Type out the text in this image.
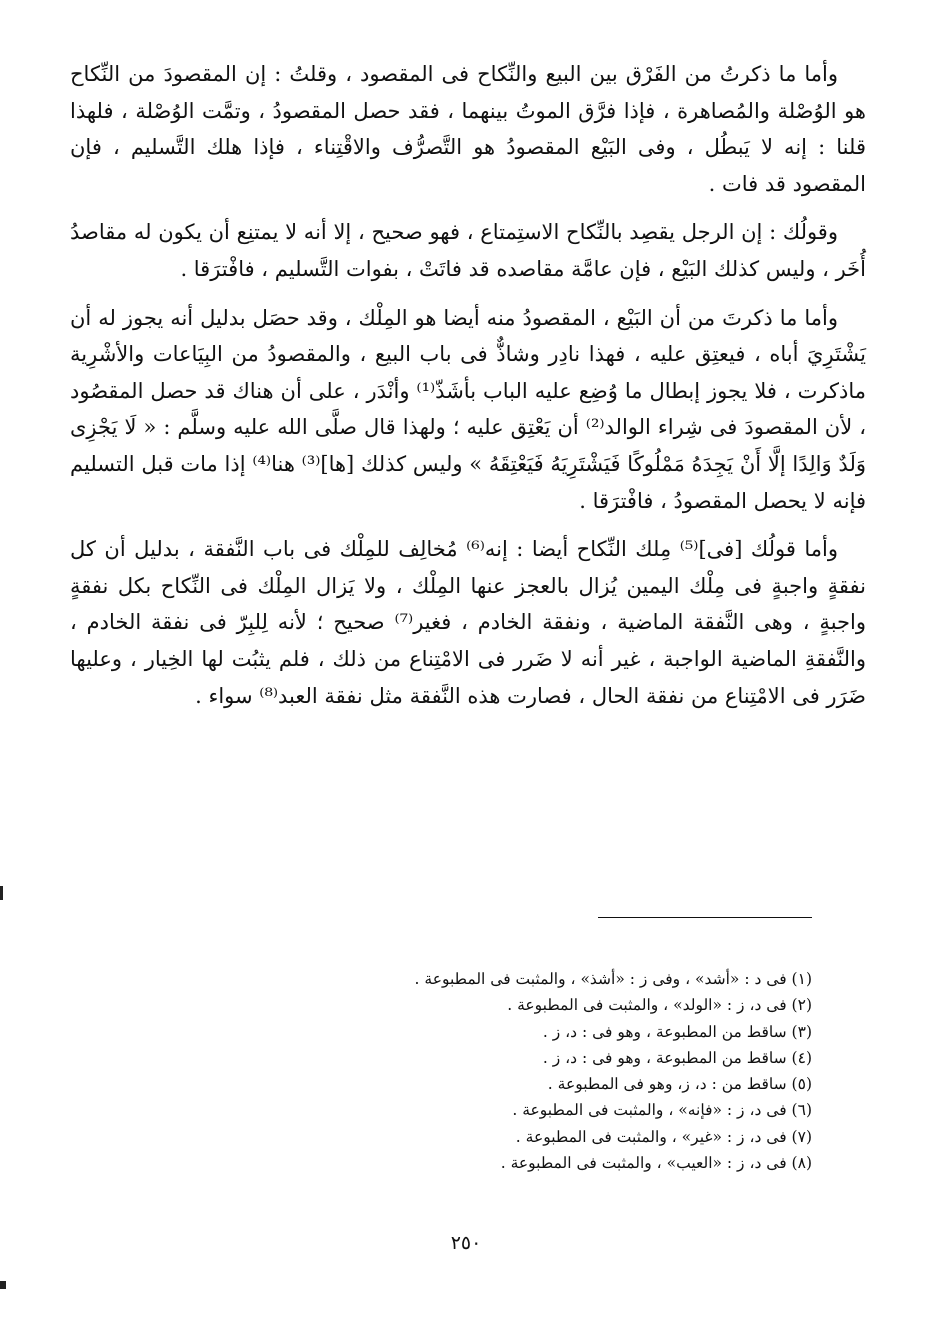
وأما ما ذكرتُ من الفَرْق بين البيع والنِّكاح فى المقصود ، وقلتُ : إن المقصودَ من النِّكاح هو الوُصْلة والمُصاهرة ، فإذا فرَّق الموتُ بينهما ، فقد حصل المقصودُ ، وتمَّت الوُصْلة ، فلهذا قلنا : إنه لا يَبطُل ، وفى البَيْع المقصودُ هو التَّصرُّف والاقْتِناء ، فإذا هلك التَّسليم ، فإن المقصود قد فات .

وقولُك : إن الرجل يقصِد بالنِّكاح الاستِمتاع ، فهو صحيح ، إلا أنه لا يمتنِع أن يكون له مقاصدُ أُخَر ، وليس كذلك البَيْع ، فإن عامَّة مقاصده قد فاتَتْ ، بفوات التَّسليم ، فافْترَقا .

وأما ما ذكرتَ من أن البَيْع ، المقصودُ منه أيضا هو المِلْك ، وقد حصَل بدليل أنه يجوز له أن يَشْتَرِيَ أباه ، فيعتِق عليه ، فهذا نادِر وشاذٌّ فى باب البيع ، والمقصودُ من البِيَاعات والأشْرِية ماذكرت ، فلا يجوز إبطال ما وُضِع عليه الباب بأشَذّ⁽¹⁾ وأنْدَر ، على أن هناك قد حصل المقصُود ، لأن المقصودَ فى شِراء الوالد⁽²⁾ أن يَعْتِق عليه ؛ ولهذا قال صلَّى الله عليه وسلَّم : « لَا يَجْزِى وَلَدٌ وَالِدًا إلَّا أَنْ يَجِدَهُ مَمْلُوكًا فَيَشْتَرِيَهُ فَيَعْتِقَهُ » وليس كذلك [ها]⁽³⁾ هنا⁽⁴⁾ إذا مات قبل التسليم فإنه لا يحصل المقصودُ ، فافْترَقا .

وأما قولُك [فى]⁽⁵⁾ مِلك النِّكاح أيضا : إنه⁽⁶⁾ مُخالِف للمِلْك فى باب النَّفقة ، بدليل أن كل نفقةٍ واجبةٍ فى مِلْك اليمين يُزال بالعجز عنها المِلْك ، ولا يَزال المِلْك فى النِّكاح بكل نفقةٍ واجبةٍ ، وهى النَّفقة الماضية ، ونفقة الخادم ، فغير⁽⁷⁾ صحيح ؛ لأنه لِلبِرّ فى نفقة الخادم ، والنَّفقةِ الماضية الواجبة ، غير أنه لا ضَرر فى الامْتِناع من ذلك ، فلم يثبُت لها الخِيار ، وعليها ضَرَر فى الامْتِناع من نفقة الحال ، فصارت هذه النَّفقة مثل نفقة العبد⁽⁸⁾ سواء .

(١) فى د : «أشد» ، وفى ز : «أشذ» ، والمثبت فى المطبوعة .
(٢) فى د، ز : «الولد» ، والمثبت فى المطبوعة .
(٣) ساقط من المطبوعة ، وهو فى : د، ز .
(٤) ساقط من المطبوعة ، وهو فى : د، ز .
(٥) ساقط من : د، ز، وهو فى المطبوعة .
(٦) فى د، ز : «فإنه» ، والمثبت فى المطبوعة .
(٧) فى د، ز : «غير» ، والمثبت فى المطبوعة .
(٨) فى د، ز : «العيب» ، والمثبت فى المطبوعة .
٢٥٠
